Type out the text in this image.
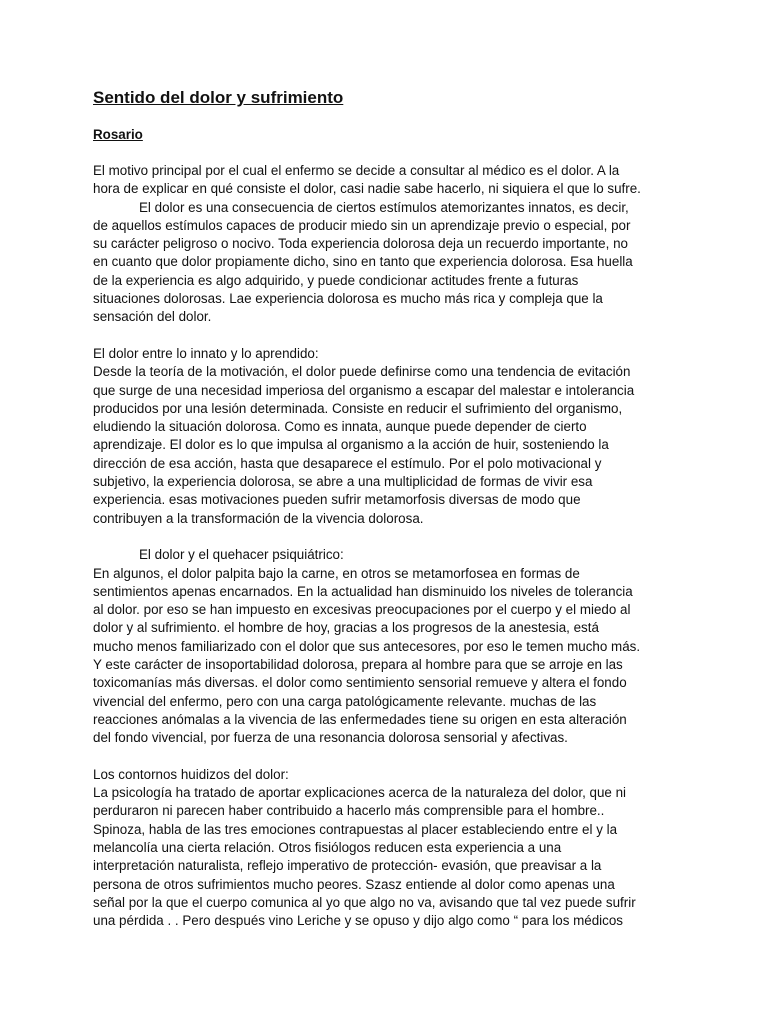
Sentido del dolor y sufrimiento
Rosario
El motivo principal por el cual el enfermo se decide a consultar al médico es el dolor. A la
hora de explicar en qué consiste el dolor, casi nadie sabe hacerlo, ni siquiera el que lo sufre.
El dolor es una consecuencia de ciertos estímulos atemorizantes innatos, es decir,
de aquellos estímulos capaces de producir miedo sin un aprendizaje previo o especial, por
su carácter peligroso o nocivo. Toda experiencia dolorosa deja un recuerdo importante, no
en cuanto que dolor propiamente dicho, sino en tanto que experiencia dolorosa. Esa huella
de la experiencia es algo adquirido, y puede condicionar actitudes frente a futuras
situaciones dolorosas. Lae experiencia dolorosa es mucho más rica y compleja que la
sensación del dolor.
El dolor entre lo innato y lo aprendido:
Desde la teoría de la motivación, el dolor puede definirse como una tendencia de evitación
que surge de una necesidad imperiosa del organismo a escapar del malestar e intolerancia
producidos por una lesión determinada. Consiste en reducir el sufrimiento del organismo,
eludiendo la situación dolorosa. Como es innata, aunque puede depender de cierto
aprendizaje. El dolor es lo que impulsa al organismo a la acción de huir, sosteniendo la
dirección de esa acción, hasta que desaparece el estímulo. Por el polo motivacional y
subjetivo, la experiencia dolorosa, se abre a una multiplicidad de formas de vivir esa
experiencia. esas motivaciones pueden sufrir metamorfosis diversas de modo que
contribuyen a la transformación de la vivencia dolorosa.
El dolor y el quehacer psiquiátrico:
En algunos, el dolor palpita bajo la carne, en otros se metamorfosea en formas de
sentimientos apenas encarnados. En la actualidad han disminuido los niveles de tolerancia
al dolor. por eso se han impuesto en excesivas preocupaciones por el cuerpo y el miedo al
dolor y al sufrimiento. el hombre de hoy, gracias a los progresos de la anestesia, está
mucho menos familiarizado con el dolor que sus antecesores, por eso le temen mucho más.
Y este carácter de insoportabilidad dolorosa, prepara al hombre para que se arroje en las
toxicomanías más diversas. el dolor como sentimiento sensorial remueve y altera el fondo
vivencial del enfermo, pero con una carga patológicamente relevante. muchas de las
reacciones anómalas a la vivencia de las enfermedades tiene su origen en esta alteración
del fondo vivencial, por fuerza de una resonancia dolorosa sensorial y afectivas.
Los contornos huidizos del dolor:
La psicología ha tratado de aportar explicaciones acerca de la naturaleza del dolor, que ni
perduraron ni parecen haber contribuido a hacerlo más comprensible para el hombre..
Spinoza, habla de las tres emociones contrapuestas al placer estableciendo entre el y la
melancolía una cierta relación. Otros fisiólogos reducen esta experiencia a una
interpretación naturalista, reflejo imperativo de protección- evasión, que preavisar a la
persona de otros sufrimientos mucho peores. Szasz entiende al dolor como apenas una
señal por la que el cuerpo comunica al yo que algo no va, avisando que tal vez puede sufrir
una pérdida . . Pero después vino Leriche y se opuso y dijo algo como “ para los médicos
